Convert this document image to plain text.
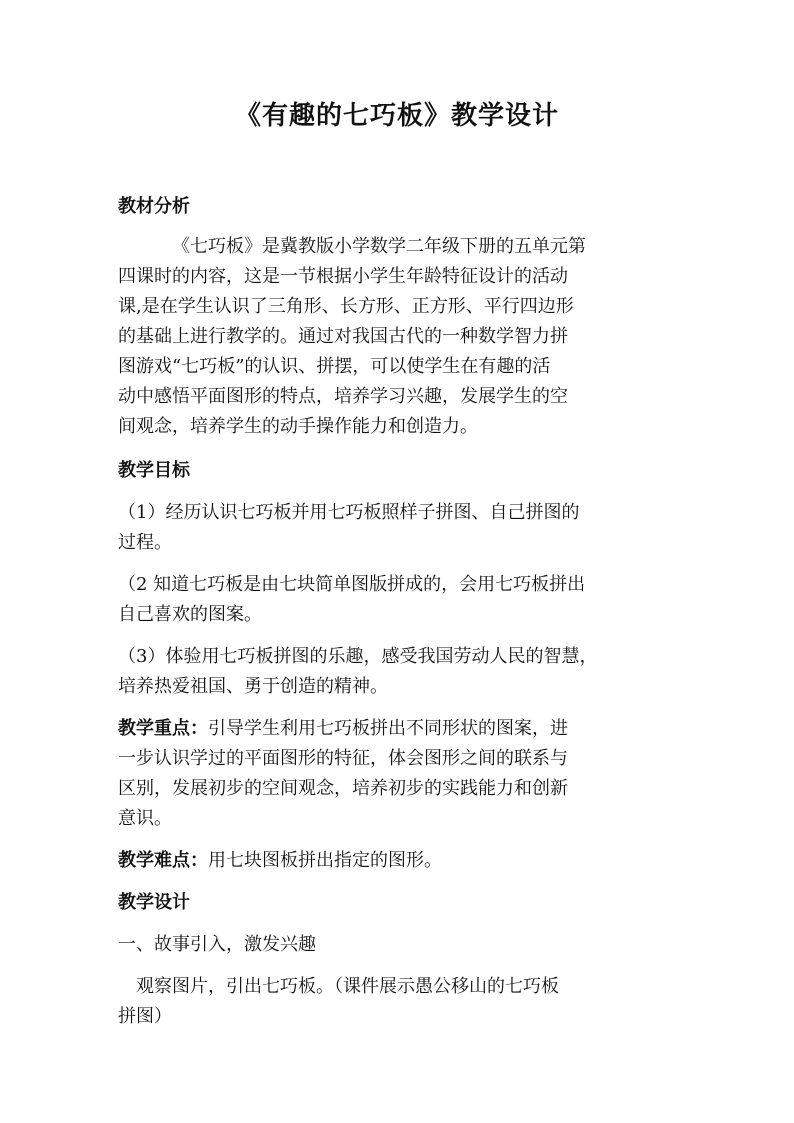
《有趣的七巧板》教学设计

教材分析

《七巧板》是冀教版小学数学二年级下册的五单元第
四课时的内容，这是一节根据小学生年龄特征设计的活动
课,是在学生认识了三角形、长方形、正方形、平行四边形
的基础上进行教学的。通过对我国古代的一种数学智力拼
图游戏“七巧板”的认识、拼摆，可以使学生在有趣的活
动中感悟平面图形的特点，培养学习兴趣，发展学生的空
间观念，培养学生的动手操作能力和创造力。

教学目标

（1）经历认识七巧板并用七巧板照样子拼图、自己拼图的
过程。
（2 知道七巧板是由七块简单图版拼成的，会用七巧板拼出
自己喜欢的图案。
（3）体验用七巧板拼图的乐趣，感受我国劳动人民的智慧，
培养热爱祖国、勇于创造的精神。
教学重点：引导学生利用七巧板拼出不同形状的图案，进
一步认识学过的平面图形的特征，体会图形之间的联系与
区别，发展初步的空间观念，培养初步的实践能力和创新
意识。
教学难点：用七块图板拼出指定的图形。

教学设计

一、故事引入，激发兴趣
观察图片，引出七巧板。（课件展示愚公移山的七巧板
拼图）
